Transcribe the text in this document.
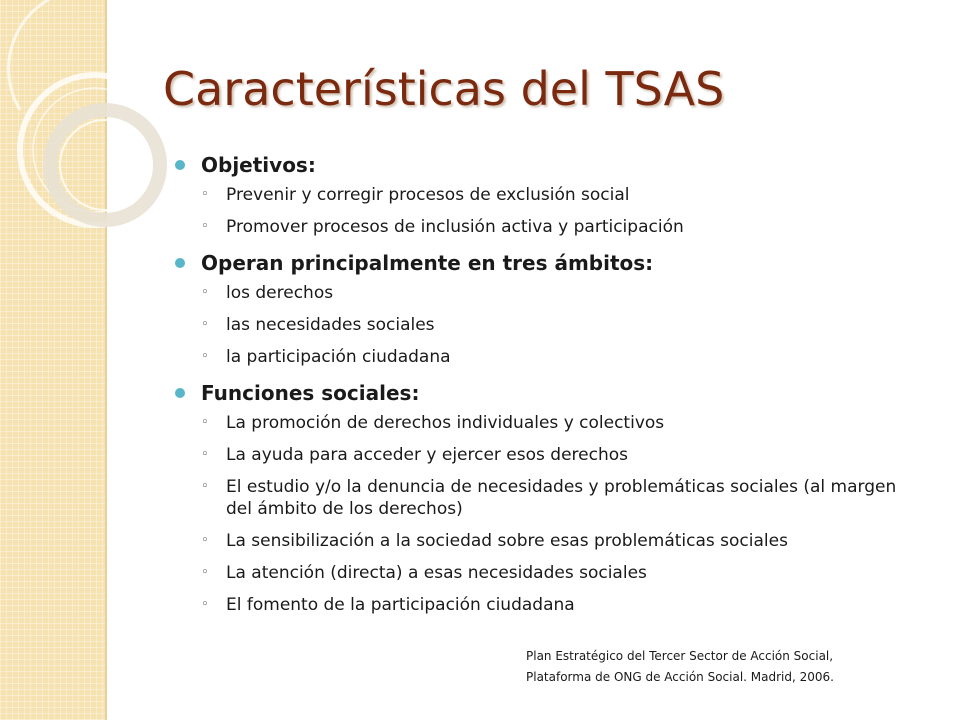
Características del TSAS
Objetivos:
◦ Prevenir y corregir procesos de exclusión social
◦ Promover procesos de inclusión activa y participación
Operan principalmente en tres ámbitos:
◦ los derechos
◦ las necesidades sociales
◦ la participación ciudadana
Funciones sociales:
◦ La promoción de derechos individuales y colectivos
◦ La ayuda para acceder y ejercer esos derechos
◦ El estudio y/o la denuncia de necesidades y problemáticas sociales (al margen del ámbito de los derechos)
◦ La sensibilización a la sociedad sobre esas problemáticas sociales
◦ La atención (directa) a esas necesidades sociales
◦ El fomento de la participación ciudadana
Plan Estratégico del Tercer Sector de Acción Social,
Plataforma de ONG de Acción Social. Madrid, 2006.
